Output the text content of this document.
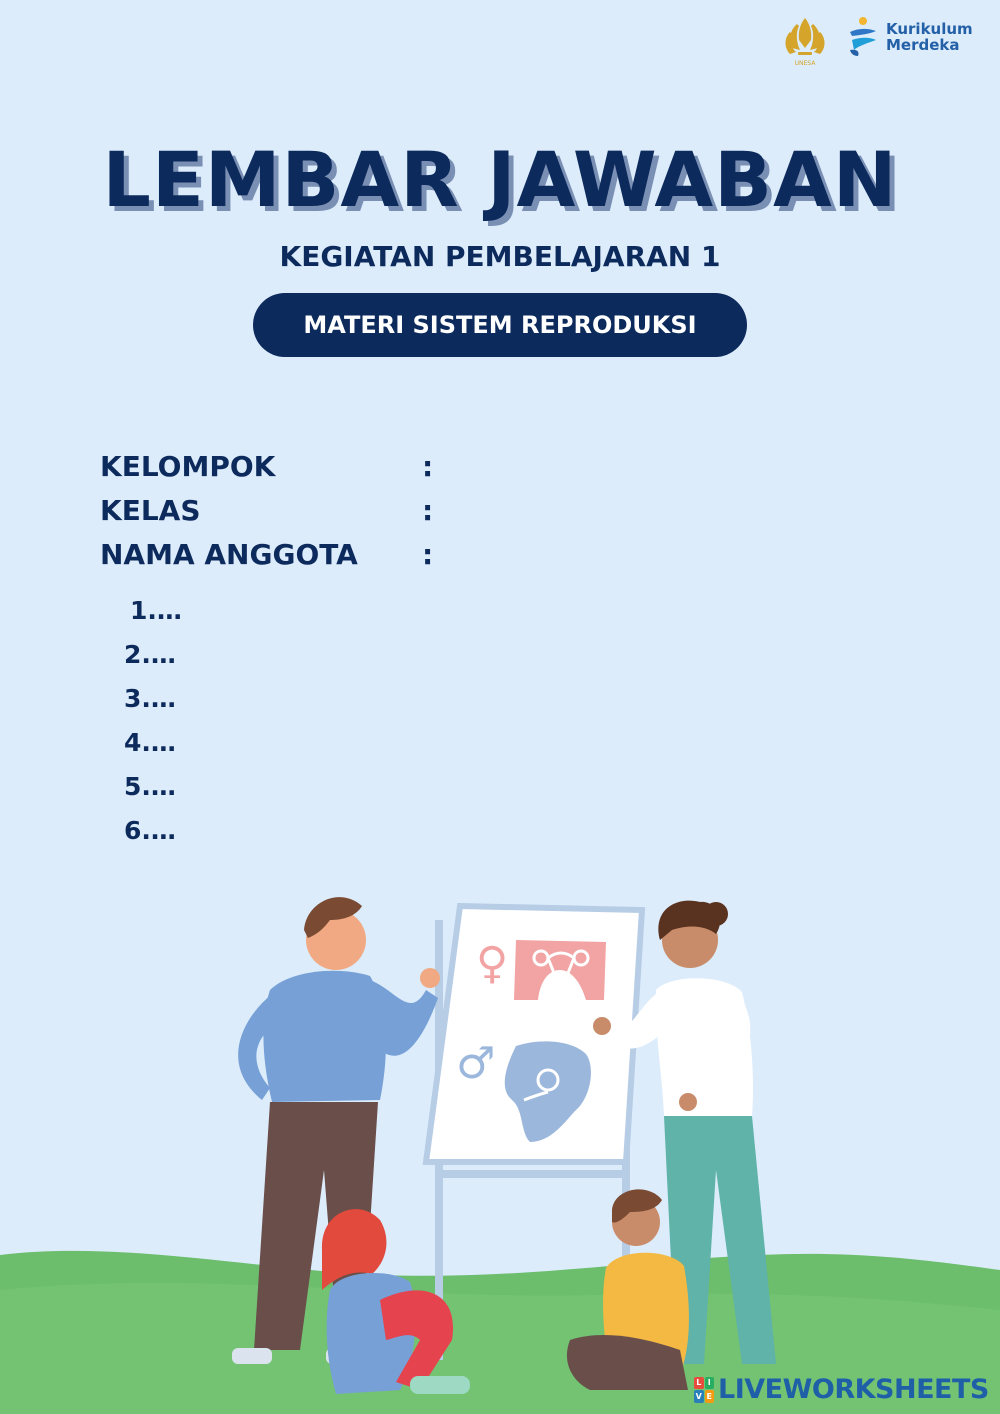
UNESA
Kurikulum
Merdeka
LEMBAR JAWABAN
KEGIATAN PEMBELAJARAN 1
MATERI SISTEM REPRODUKSI
KELOMPOK	:
KELAS	:
NAMA ANGGOTA :
1.…
2.…
3.…
4.…
5.…
6.…
♀
♂
L I
V E LIVEWORKSHEETS
